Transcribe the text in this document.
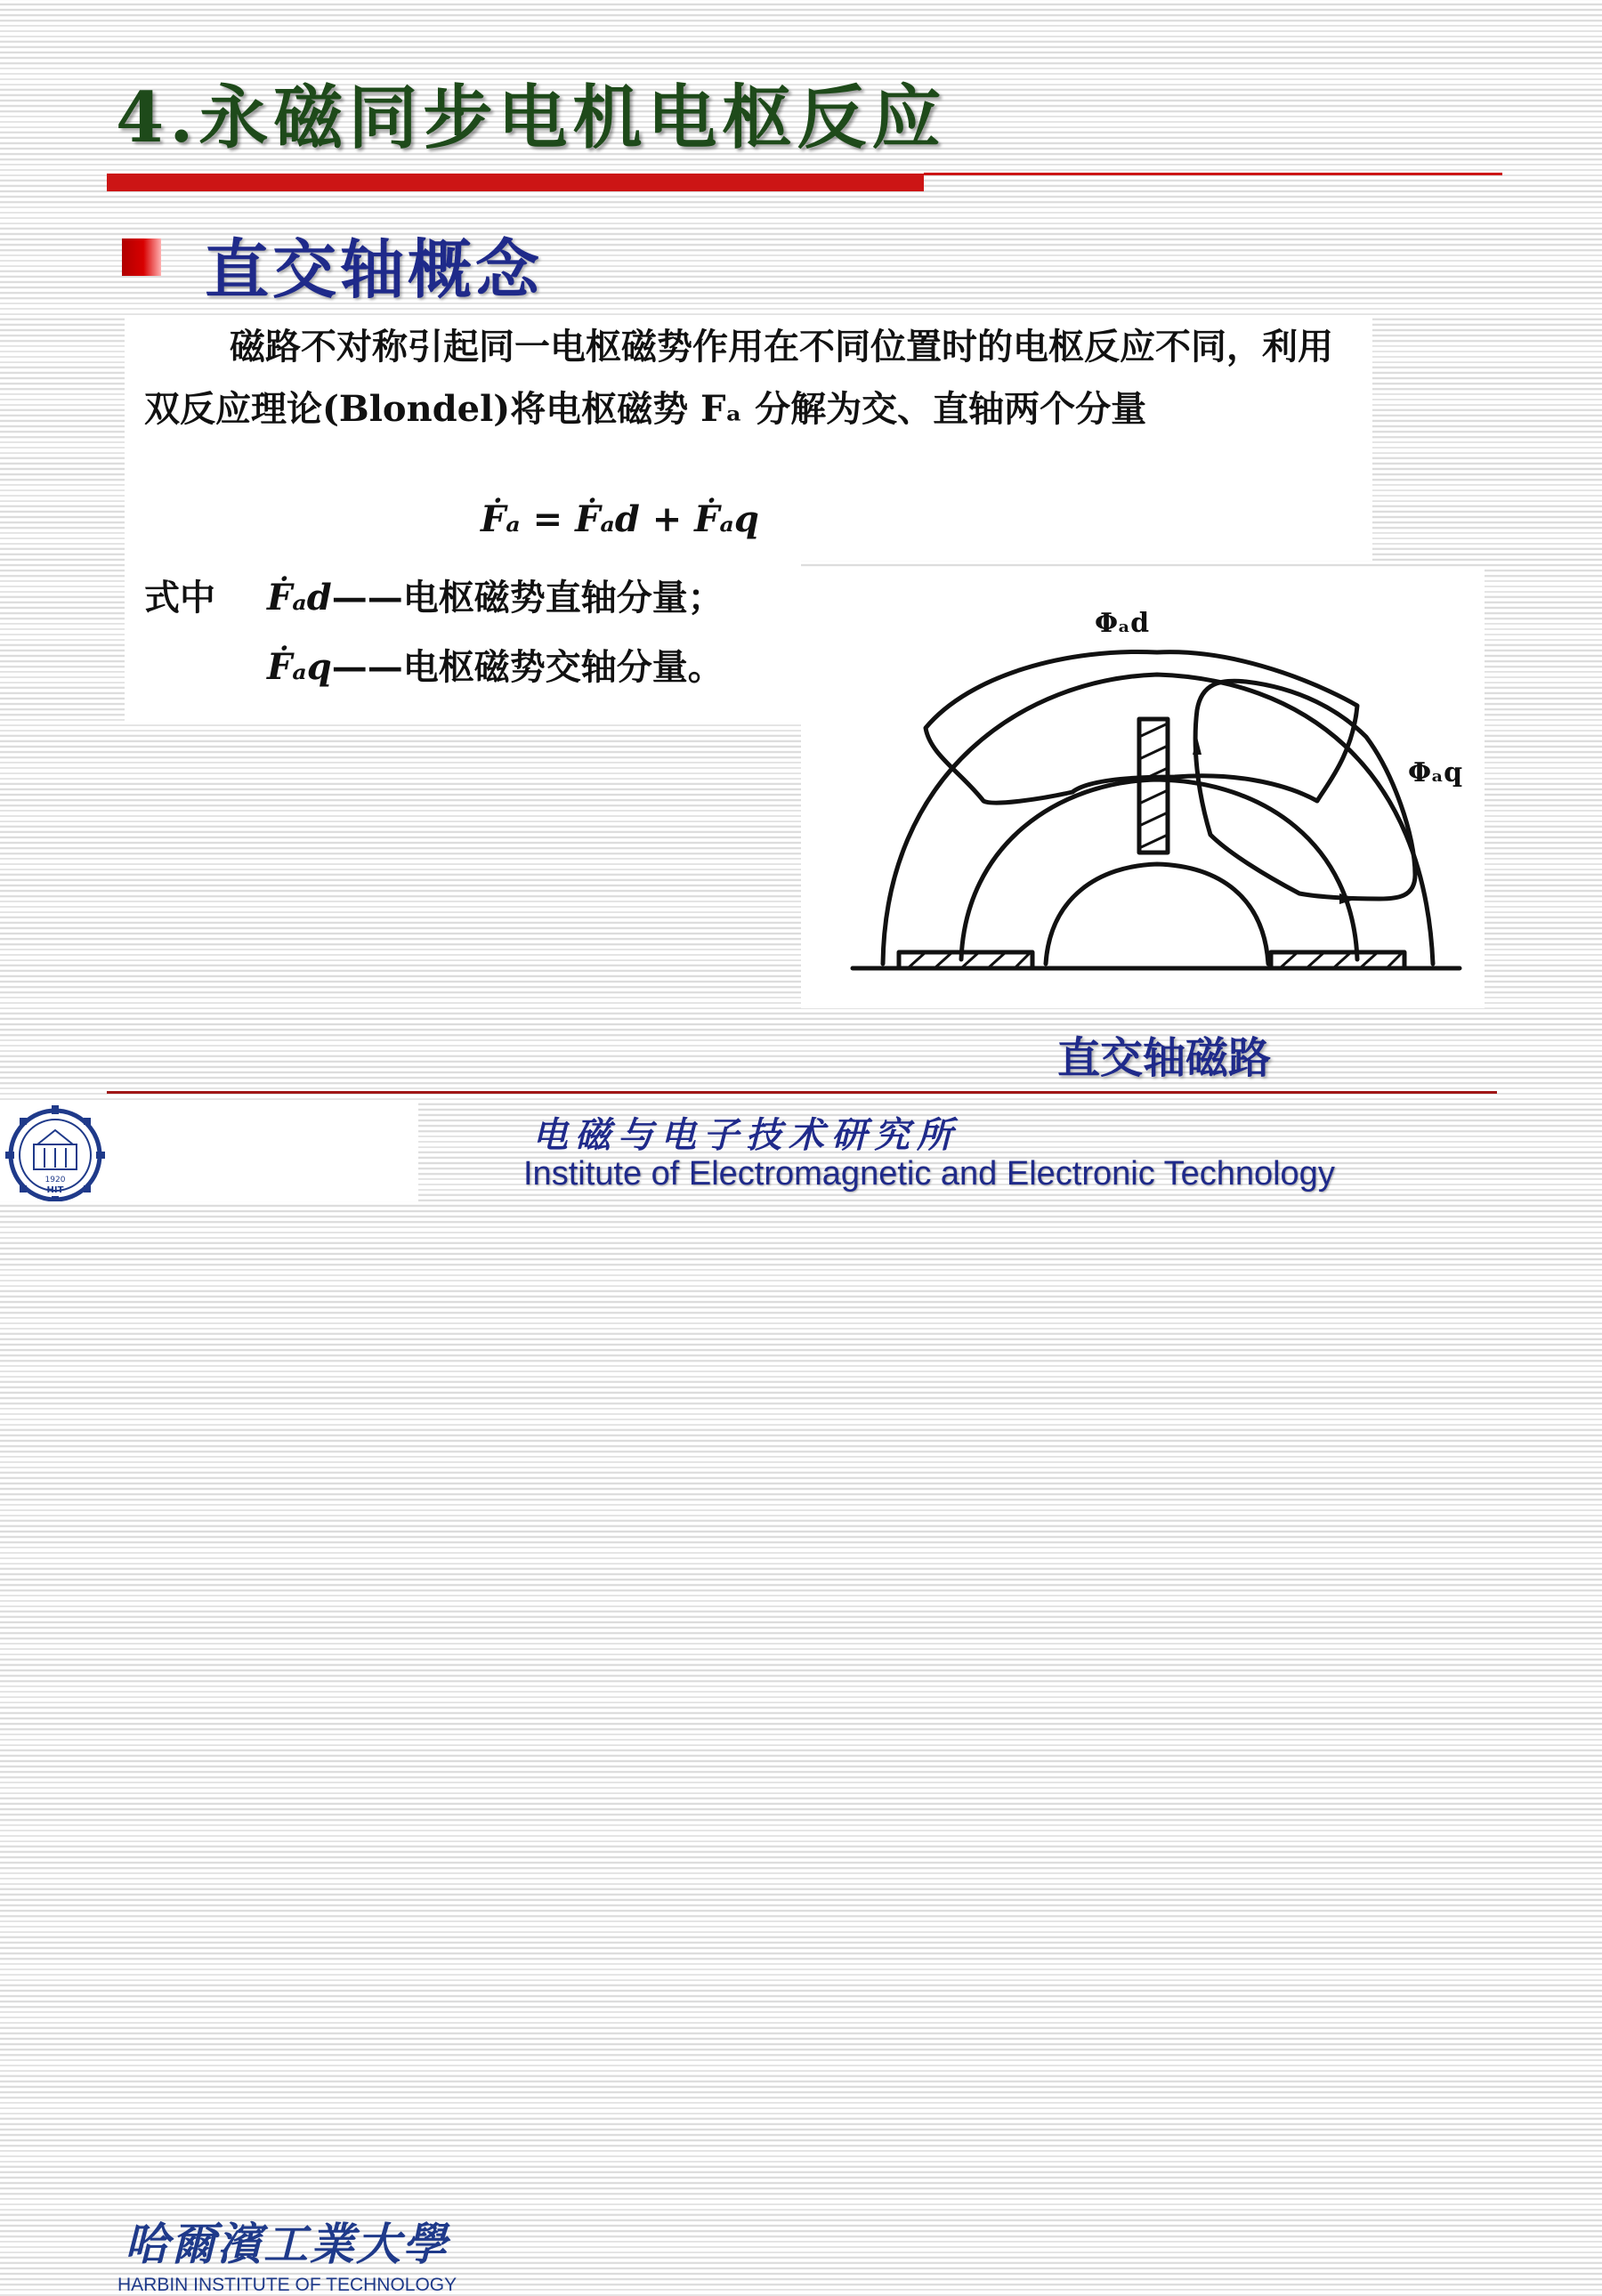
4.永磁同步电机电枢反应
直交轴概念

磁路不对称引起同一电枢磁势作用在不同位置时的电枢反应不同，利用双反应理论(Blondel)将电枢磁势 Fₐ 分解为交、直轴两个分量

Ḟₐ = Ḟₐd + Ḟₐq

式中 Ḟₐd——电枢磁势直轴分量；

Ḟₐq——电枢磁势交轴分量。

Φₐd
Φₐq

直交轴磁路

1920
HIT

哈爾濱工業大學

HARBIN INSTITUTE OF TECHNOLOGY

电磁与电子技术研究所

Institute of Electromagnetic and Electronic Technology
